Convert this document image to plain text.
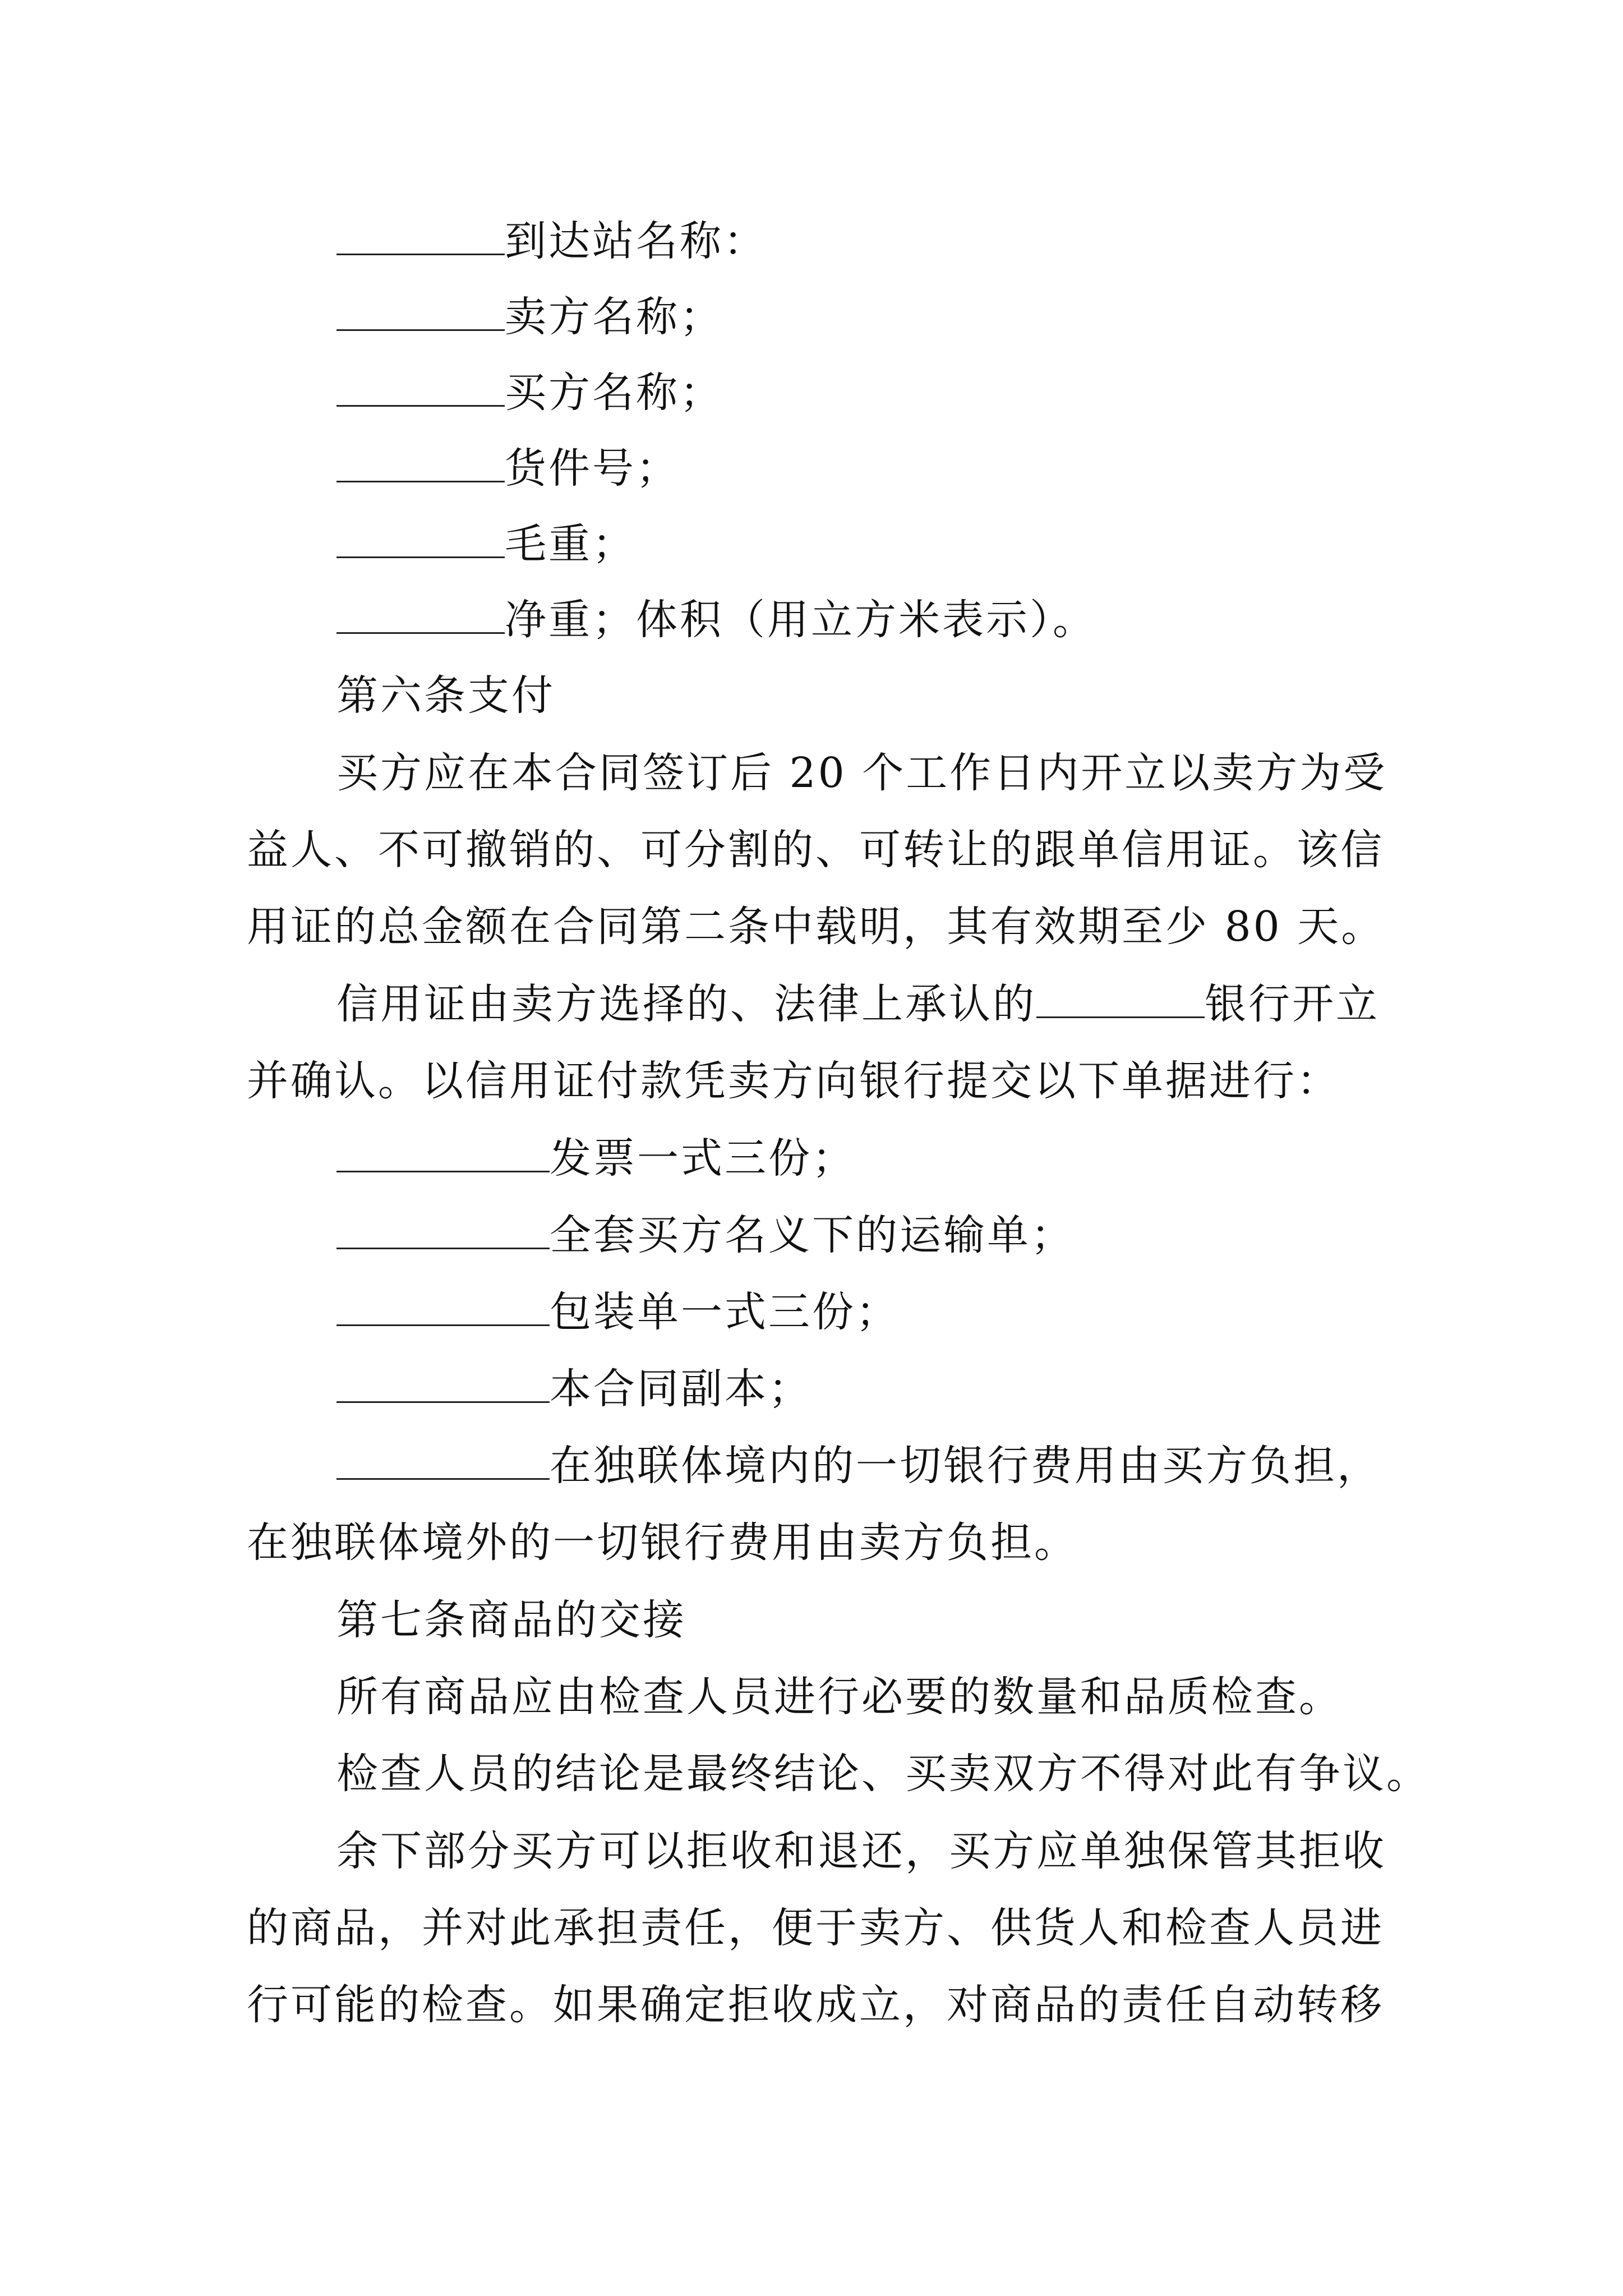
到达站名称：
卖方名称；
买方名称；
货件号；
毛重；
净重；体积（用立方米表示）。
第六条支付
买方应在本合同签订后 20 个工作日内开立以卖方为受
益人、不可撤销的、可分割的、可转让的跟单信用证。该信
用证的总金额在合同第二条中载明，其有效期至少 80 天。
信用证由卖方选择的、法律上承认的	银行开立
并确认。以信用证付款凭卖方向银行提交以下单据进行：
发票一式三份；
全套买方名义下的运输单；
包装单一式三份；
本合同副本；
在独联体境内的一切银行费用由买方负担，
在独联体境外的一切银行费用由卖方负担。
第七条商品的交接
所有商品应由检查人员进行必要的数量和品质检查。
检查人员的结论是最终结论、买卖双方不得对此有争议。
余下部分买方可以拒收和退还，买方应单独保管其拒收
的商品，并对此承担责任，便于卖方、供货人和检查人员进
行可能的检查。如果确定拒收成立，对商品的责任自动转移
